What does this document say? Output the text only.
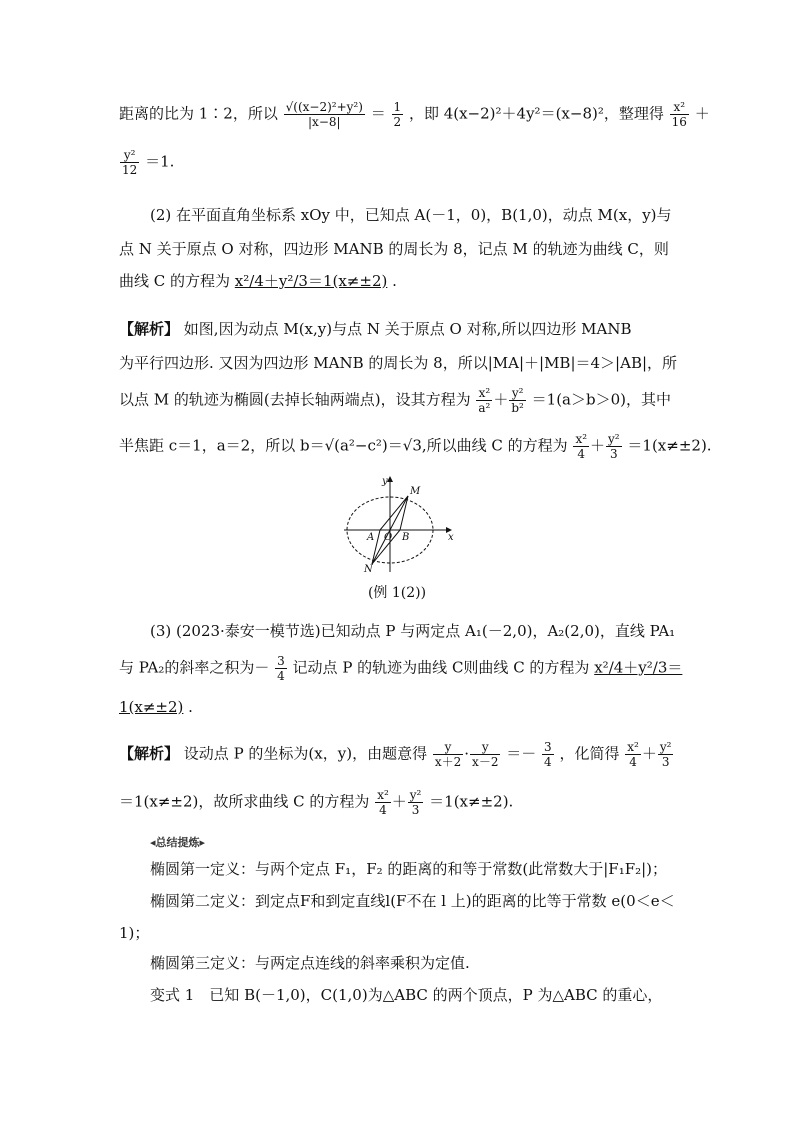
距离的比为 1∶2，所以 $\frac{\text{√((x−2)²+y²)}}{|x-8|} = \frac{1}{2}$ ，即 4(x−2)²＋4y²＝(x−8)²，整理得 $\frac{\text{x²}}{16}$ ＋
$\frac{\text{y²}}{12} =1$.
(2) 在平面直角坐标系 xOy 中，已知点 A(－1，0)，B(1,0)，动点 M(x，y)与
点 N 关于原点 O 对称，四边形 MANB 的周长为 8，记点 M 的轨迹为曲线 C，则
曲线 C 的方程为 x²/4＋y²/3＝1(x≠±2) .
【解析】 如图,因为动点 M(x,y)与点 N 关于原点 O 对称,所以四边形 MANB
为平行四边形. 又因为四边形 MANB 的周长为 8，所以|MA|＋|MB|＝4＞|AB|，所
以点 M 的轨迹为椭圆(去掉长轴两端点)，设其方程为 $\frac{\text{x²}}{\text{a²}} + \frac{\text{y²}}{\text{b²}} =1(a>b>0)$，其中
半焦距 c＝1，a＝2，所以 b＝√(a²−c²)＝√3,所以曲线 C 的方程为 $\frac{\text{x²}}{4} + \frac{\text{y²}}{3} =1(x\ne\pm 2)$.
y
x
M
A O B
N
(例 1(2))
(3) (2023·泰安一模节选)已知动点 P 与两定点 A₁(－2,0)，A₂(2,0)，直线 PA₁
与 PA₂的斜率之积为－ $\frac{3}{4}$ 记动点 P 的轨迹为曲线 C则曲线 C 的方程为 x²/4＋y²/3＝
1(x≠±2) .
【解析】 设动点 P 的坐标为(x，y)，由题意得 $\frac{y}{x+2} \cdot \frac{y}{x-2} =- \frac{3}{4}$ ，化简得 $\frac{\text{x²}}{4} + \frac{\text{y²}}{3}$
＝1(x≠±2)，故所求曲线 C 的方程为 $\frac{\text{x²}}{4} + \frac{\text{y²}}{3} =1(x\ne\pm 2)$.
◂总结提炼▸
椭圆第一定义：与两个定点 F₁，F₂ 的距离的和等于常数(此常数大于|F₁F₂|)；
椭圆第二定义：到定点F和到定直线l(F不在 l 上)的距离的比等于常数 e(0＜e＜
1)；
椭圆第三定义：与两定点连线的斜率乘积为定值.
变式 1　已知 B(－1,0)，C(1,0)为△ABC 的两个顶点，P 为△ABC 的重心，
